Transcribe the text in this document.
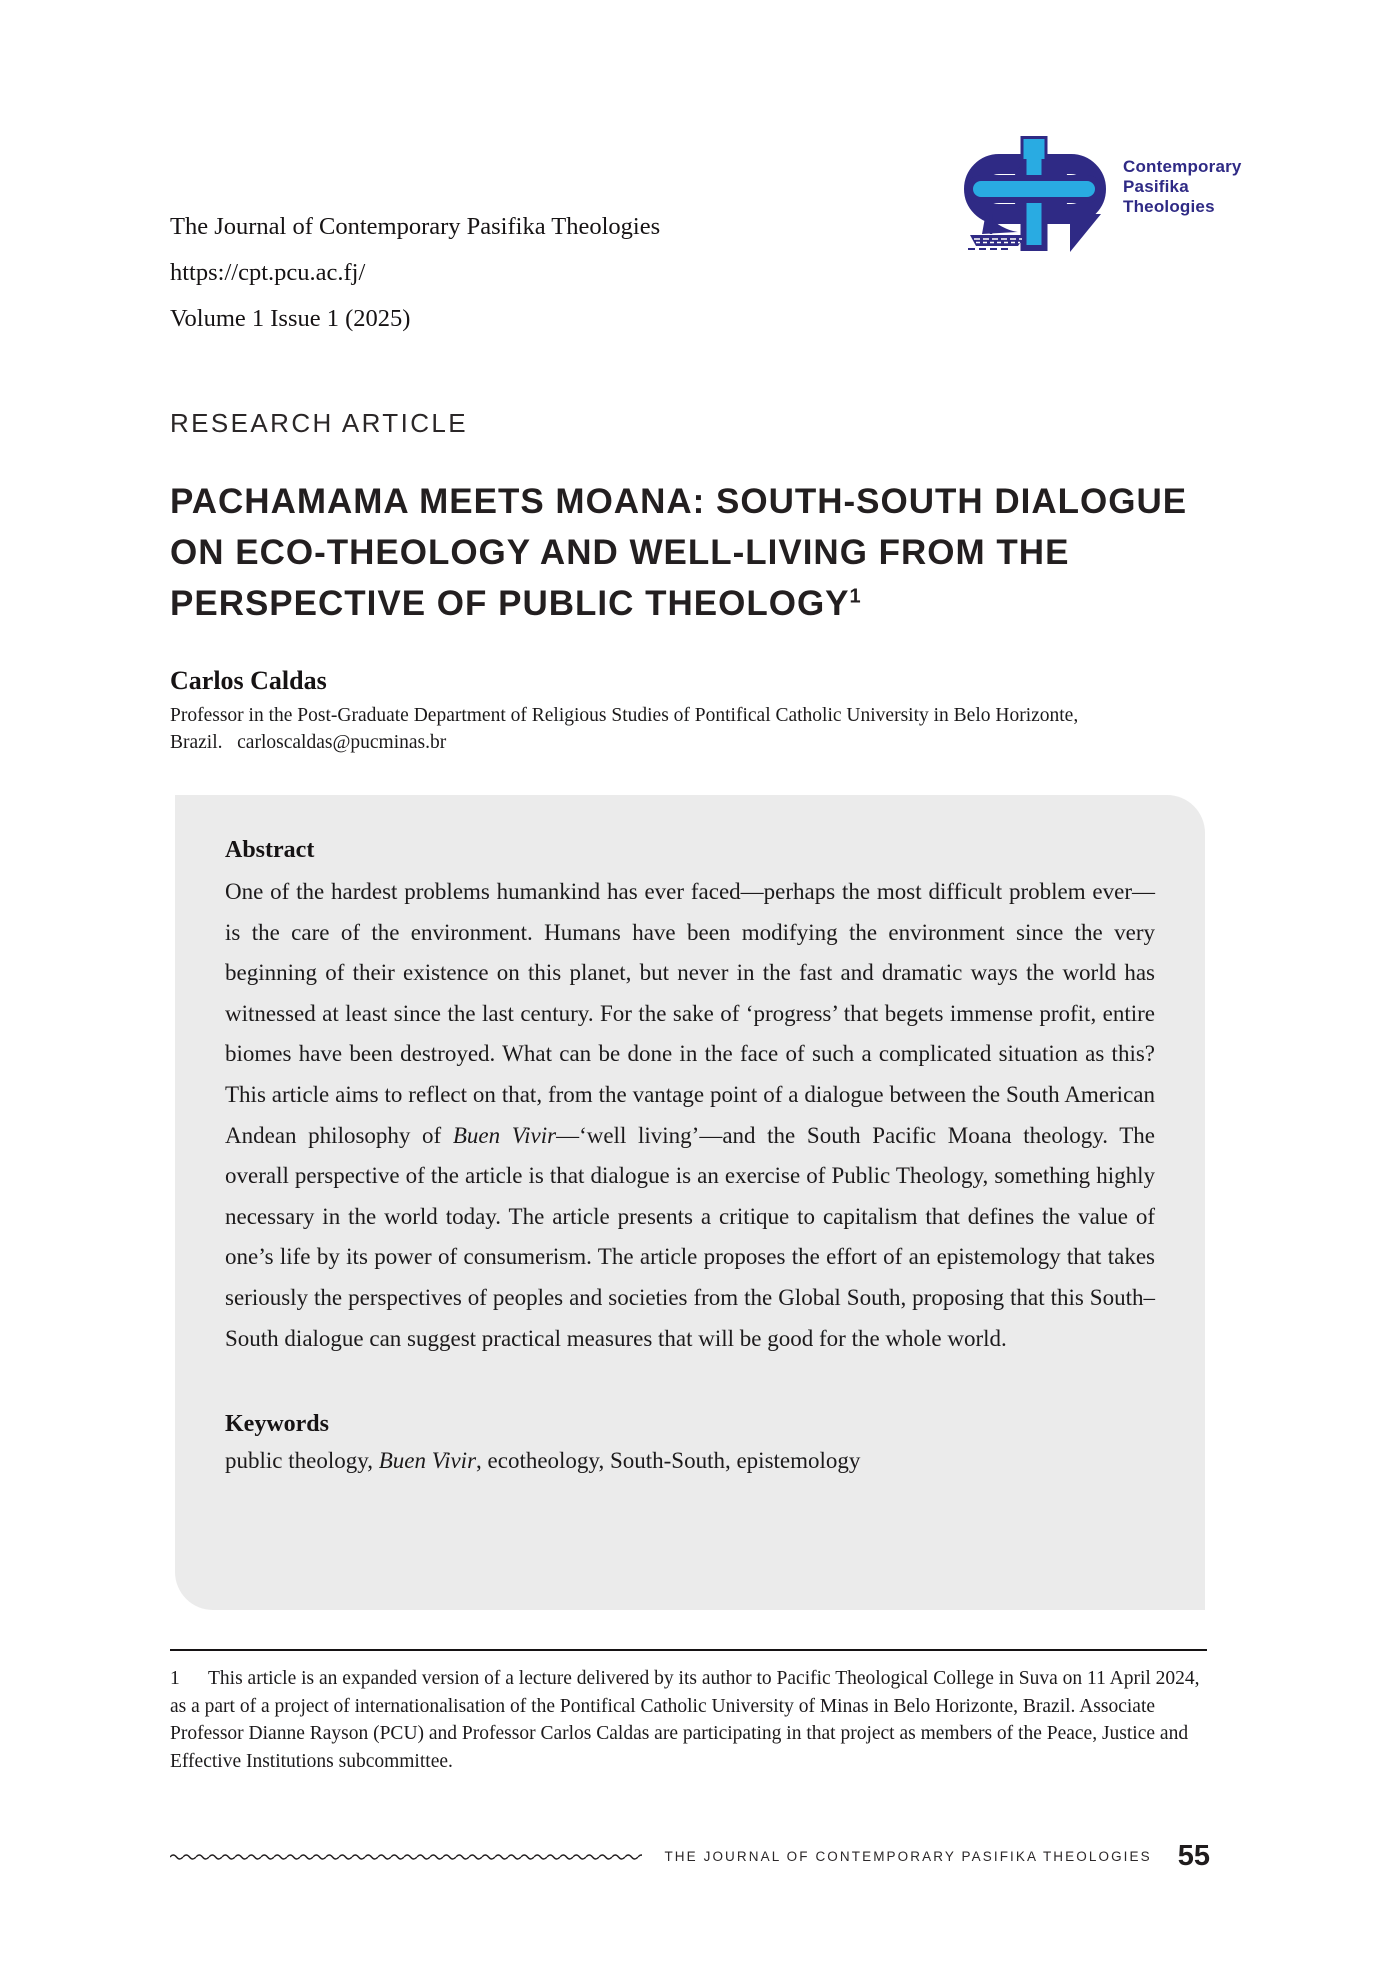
The Journal of Contemporary Pasifika Theologies
https://cpt.pcu.ac.fj/
Volume 1 Issue 1 (2025)
Contemporary
Pasifika
Theologies
RESEARCH ARTICLE
PACHAMAMA MEETS MOANA: SOUTH-SOUTH DIALOGUE
ON ECO-THEOLOGY AND WELL-LIVING FROM THE
PERSPECTIVE OF PUBLIC THEOLOGY$^1$
Carlos Caldas
Professor in the Post-Graduate Department of Religious Studies of Pontifical Catholic University in Belo Horizonte, Brazil. carloscaldas@pucminas.br

Abstract

One of the hardest problems humankind has ever faced—perhaps the most difficult problem ever—is the care of the environment. Humans have been modifying the environment since the very beginning of their existence on this planet, but never in the fast and dramatic ways the world has witnessed at least since the last century. For the sake of ‘progress’ that begets immense profit, entire biomes have been destroyed. What can be done in the face of such a complicated situation as this? This article aims to reflect on that, from the vantage point of a dialogue between the South American Andean philosophy of Buen Vivir—‘well living’—and the South Pacific Moana theology. The overall perspective of the article is that dialogue is an exercise of Public Theology, something highly necessary in the world today. The article presents a critique to capitalism that defines the value of one’s life by its power of consumerism. The article proposes the effort of an epistemology that takes seriously the perspectives of peoples and societies from the Global South, proposing that this South–South dialogue can suggest practical measures that will be good for the whole world.

Keywords

public theology, Buen Vivir, ecotheology, South-South, epistemology

1 This article is an expanded version of a lecture delivered by its author to Pacific Theological College in Suva on 11 April 2024, as a part of a project of internationalisation of the Pontifical Catholic University of Minas in Belo Horizonte, Brazil. Associate Professor Dianne Rayson (PCU) and Professor Carlos Caldas are participating in that project as members of the Peace, Justice and Effective Institutions subcommittee.
THE JOURNAL OF CONTEMPORARY PASIFIKA THEOLOGIES 55
